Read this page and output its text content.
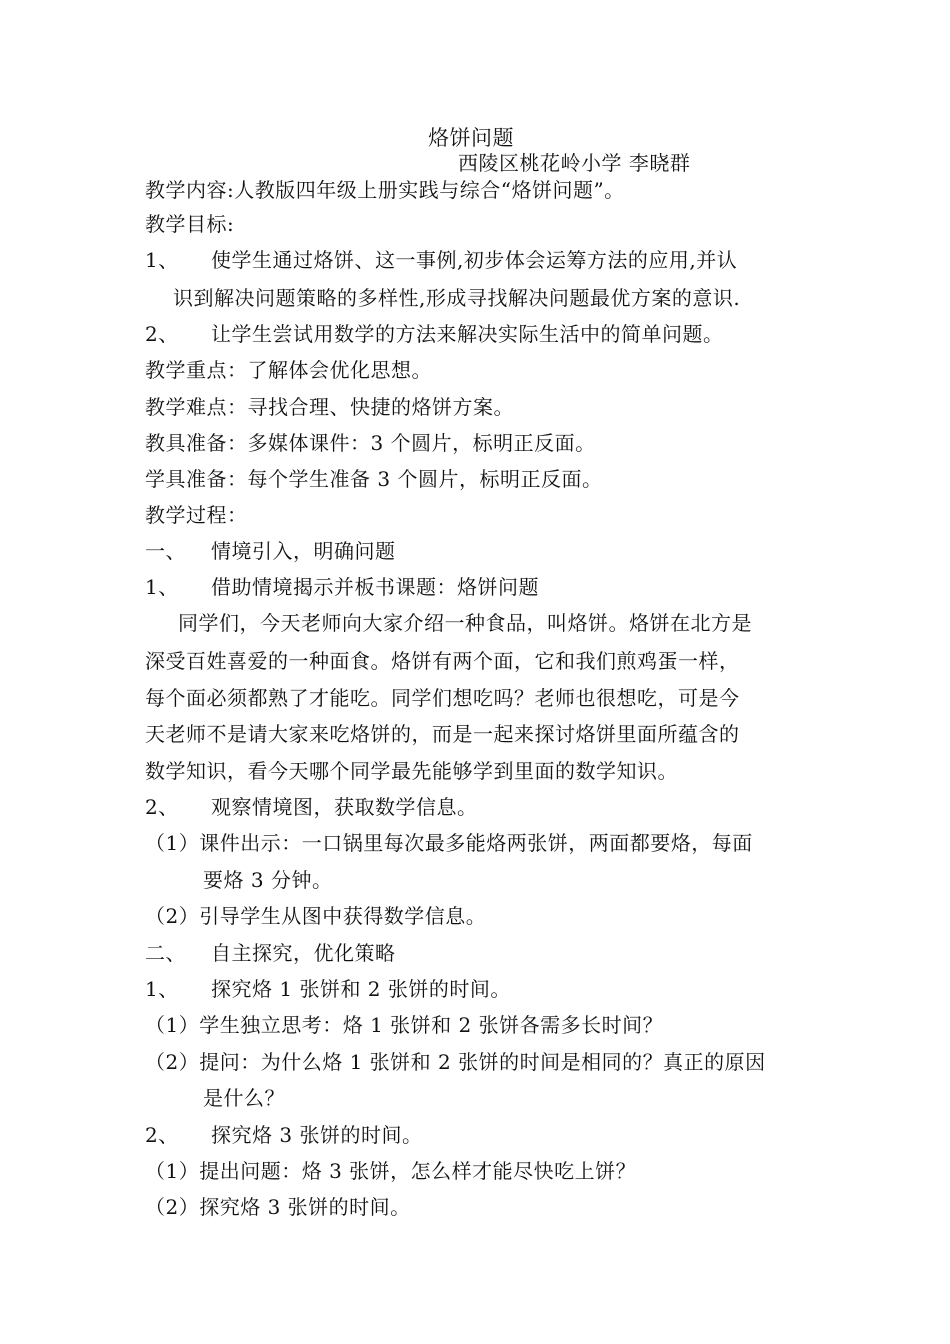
烙饼问题
西陵区桃花岭小学 李晓群
教学内容:人教版四年级上册实践与综合“烙饼问题”。
教学目标:
1、 使学生通过烙饼、这一事例,初步体会运筹方法的应用,并认
识到解决问题策略的多样性,形成寻找解决问题最优方案的意识.
2、 让学生尝试用数学的方法来解决实际生活中的简单问题。
教学重点：了解体会优化思想。
教学难点：寻找合理、快捷的烙饼方案。
教具准备：多媒体课件：3 个圆片，标明正反面。
学具准备：每个学生准备 3 个圆片，标明正反面。
教学过程：
一、 情境引入，明确问题
1、 借助情境揭示并板书课题：烙饼问题
同学们，今天老师向大家介绍一种食品，叫烙饼。烙饼在北方是
深受百姓喜爱的一种面食。烙饼有两个面，它和我们煎鸡蛋一样，
每个面必须都熟了才能吃。同学们想吃吗？老师也很想吃，可是今
天老师不是请大家来吃烙饼的，而是一起来探讨烙饼里面所蕴含的
数学知识，看今天哪个同学最先能够学到里面的数学知识。
2、 观察情境图，获取数学信息。
（1）课件出示：一口锅里每次最多能烙两张饼，两面都要烙，每面
要烙 3 分钟。
（2）引导学生从图中获得数学信息。
二、 自主探究，优化策略
1、 探究烙 1 张饼和 2 张饼的时间。
（1）学生独立思考：烙 1 张饼和 2 张饼各需多长时间？
（2）提问：为什么烙 1 张饼和 2 张饼的时间是相同的？真正的原因
是什么？
2、 探究烙 3 张饼的时间。
（1）提出问题：烙 3 张饼，怎么样才能尽快吃上饼？
（2）探究烙 3 张饼的时间。
